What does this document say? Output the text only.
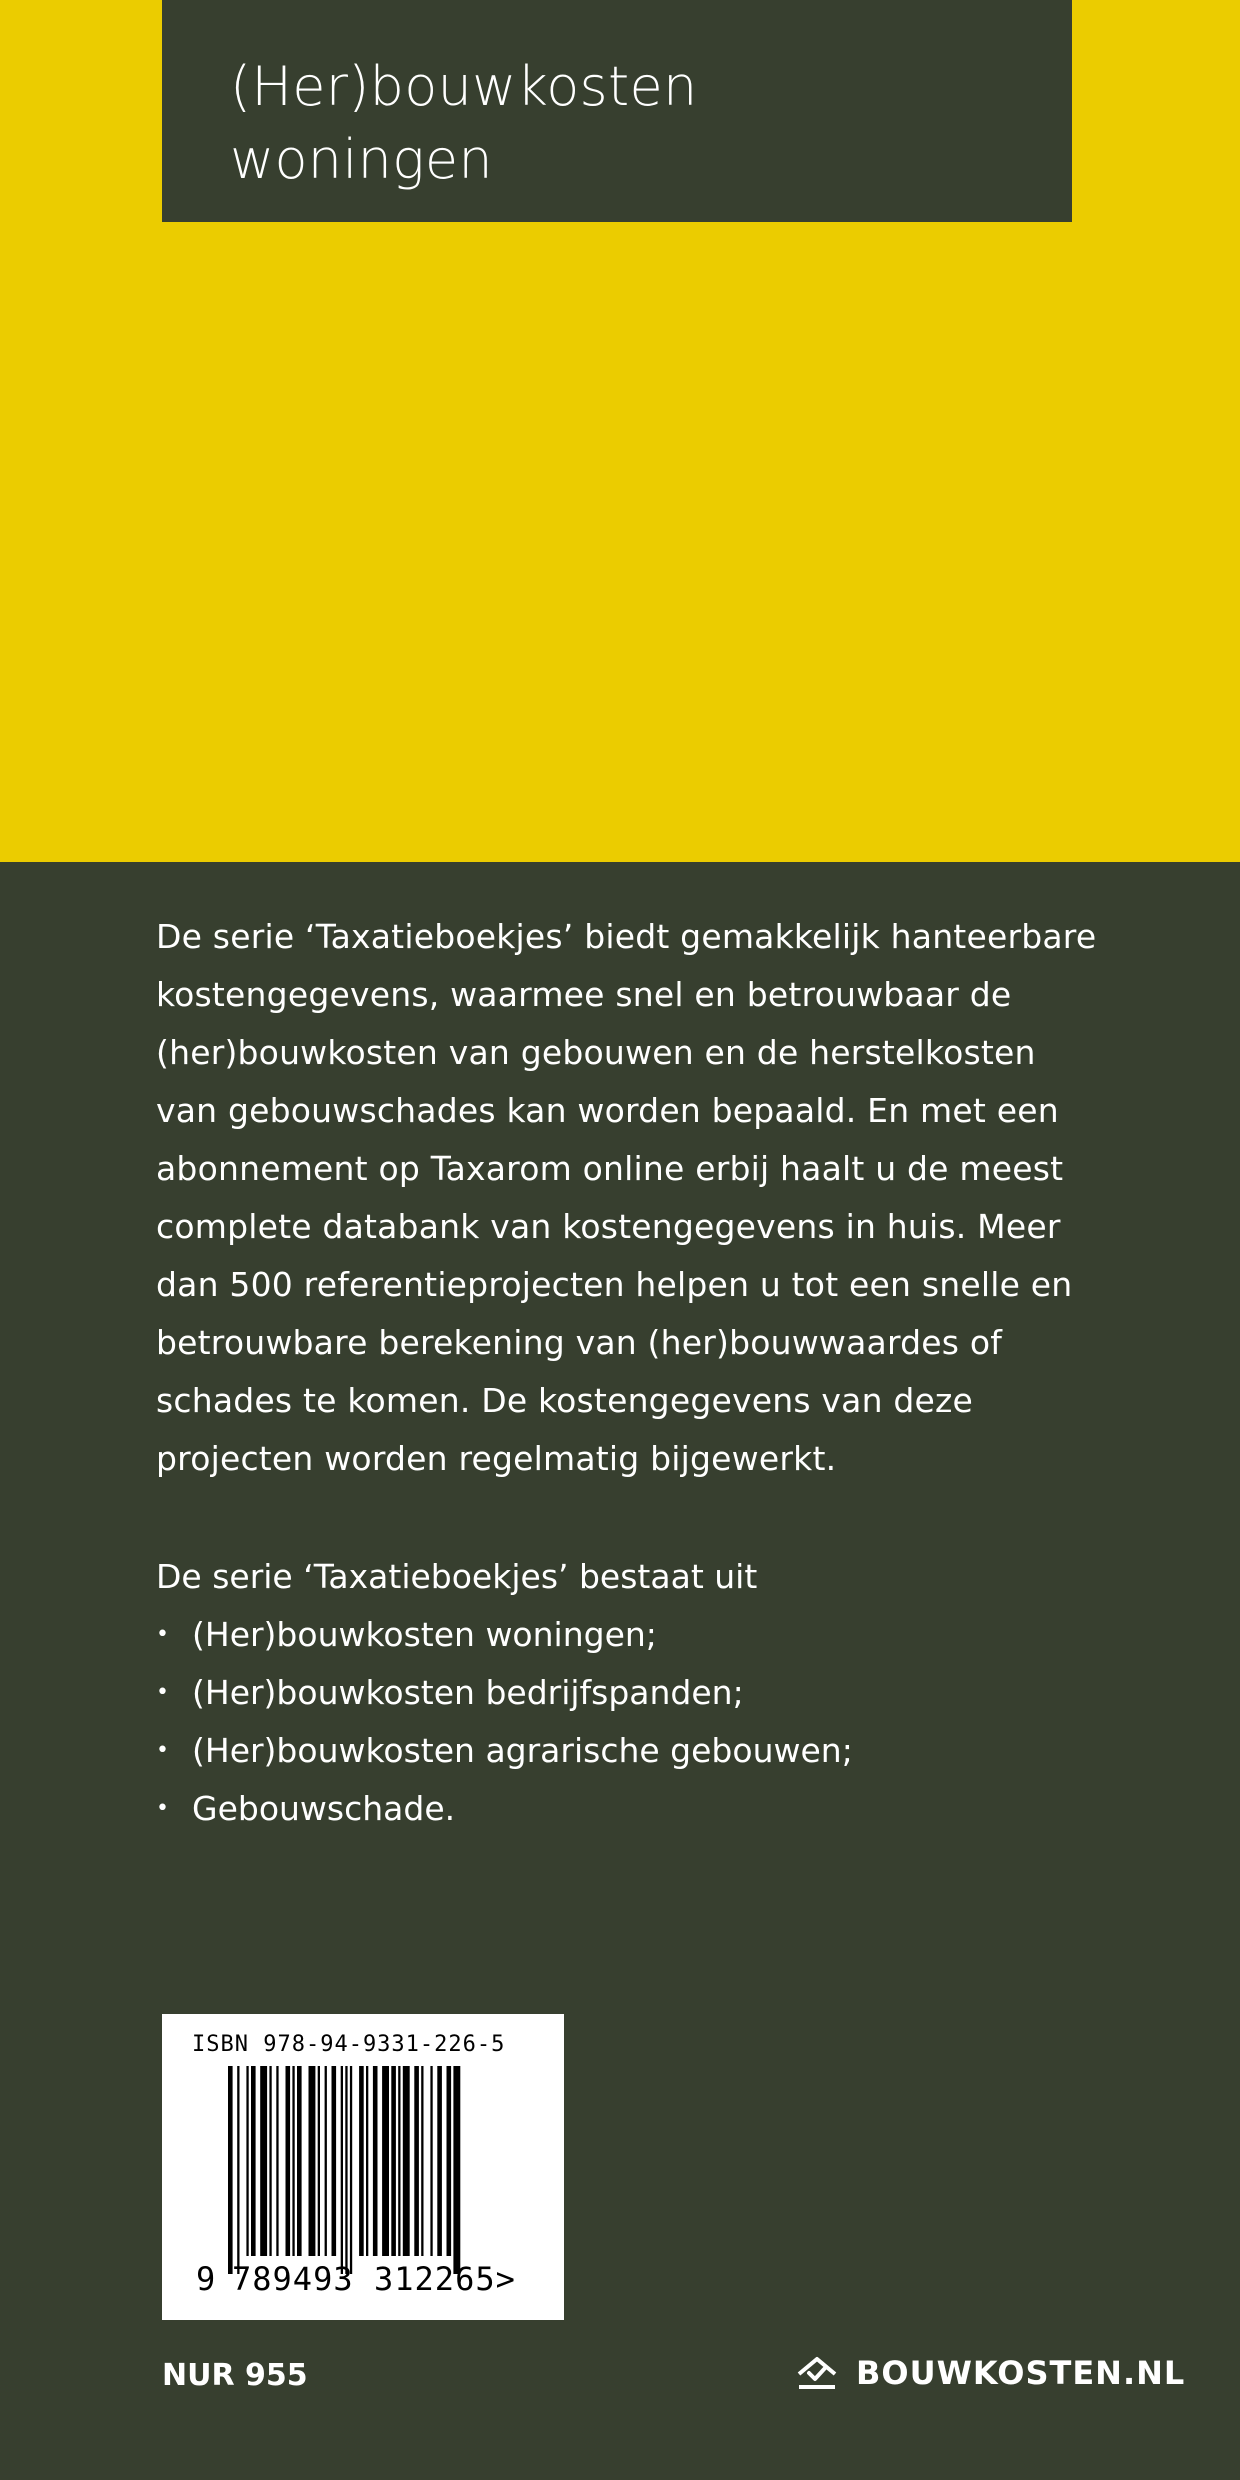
(Her)bouwkosten
woningen
De serie ‘Taxatieboekjes’ biedt gemakkelijk hanteerbare
kostengegevens, waarmee snel en betrouwbaar de
(her)bouwkosten van gebouwen en de herstelkosten
van gebouwschades kan worden bepaald. En met een
abonnement op Taxarom online erbij haalt u de meest
complete databank van kostengegevens in huis. Meer
dan 500 referentieprojecten helpen u tot een snelle en
betrouwbare berekening van (her)bouwwaardes of
schades te komen. De kostengegevens van deze
projecten worden regelmatig bijgewerkt.
De serie ‘Taxatieboekjes’ bestaat uit
• (Her)bouwkosten woningen;
• (Her)bouwkosten bedrijfspanden;
• (Her)bouwkosten agrarische gebouwen;
• Gebouwschade.
ISBN 978-94-9331-226-5
9 789493 312265>
NUR 955	BOUWKOSTEN.NL
